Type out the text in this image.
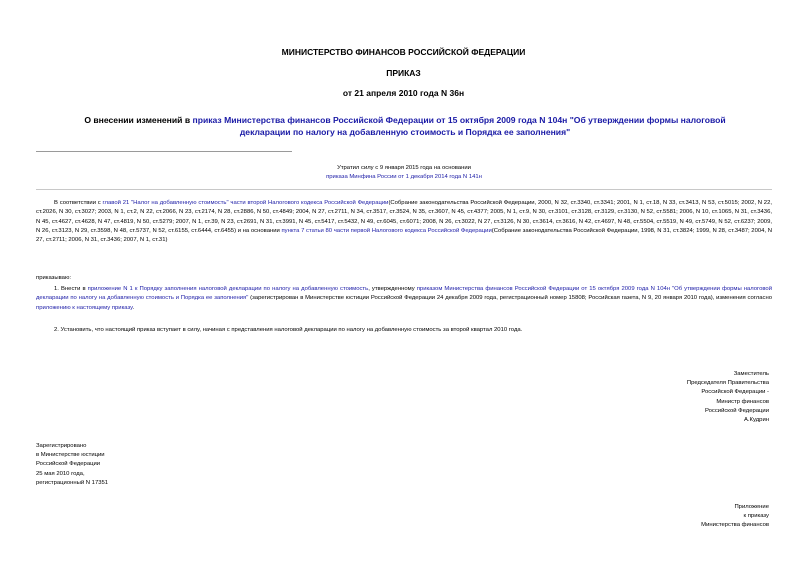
МИНИСТЕРСТВО ФИНАНСОВ РОССИЙСКОЙ ФЕДЕРАЦИИ
ПРИКАЗ
от 21 апреля 2010 года N 36н
О внесении изменений в приказ Министерства финансов Российской Федерации от 15 октября 2009 года N 104н "Об утверждении формы налоговой декларации по налогу на добавленную стоимость и Порядка ее заполнения"
Утратил силу с 9 января 2015 года на основании
приказа Минфина России от 1 декабря 2014 года N 141н
В соответствии с главой 21 "Налог на добавленную стоимость" части второй Налогового кодекса Российской Федерации(Собрание законодательства Российской Федерации, 2000, N 32, ст.3340, ст.3341; 2001, N 1, ст.18, N 33, ст.3413, N 53, ст.5015; 2002, N 22, ст.2026, N 30, ст.3027; 2003, N 1, ст.2, N 22, ст.2066, N 23, ст.2174, N 28, ст.2886, N 50, ст.4849; 2004, N 27, ст.2711, N 34, ст.3517, ст.3524, N 35, ст.3607, N 45, ст.4377; 2005, N 1, ст.9, N 30, ст.3101, ст.3128, ст.3129, ст.3130, N 52, ст.5581; 2006, N 10, ст.1065, N 31, ст.3436, N 45, ст.4627, ст.4628, N 47, ст.4819, N 50, ст.5279; 2007, N 1, ст.39, N 23, ст.2691, N 31, ст.3991, N 45, ст.5417, ст.5432, N 49, ст.6045, ст.6071; 2008, N 26, ст.3022, N 27, ст.3126, N 30, ст.3614, ст.3616, N 42, ст.4697, N 48, ст.5504, ст.5519, N 49, ст.5749, N 52, ст.6237; 2009, N 26, ст.3123, N 29, ст.3598, N 48, ст.5737, N 52, ст.6155, ст.6444, ст.6455) и на основании пункта 7 статьи 80 части первой Налогового кодекса Российской Федерации(Собрание законодательства Российской Федерации, 1998, N 31, ст.3824; 1999, N 28, ст.3487; 2004, N 27, ст.2711; 2006, N 31, ст.3436; 2007, N 1, ст.31)
приказываю:
1. Внести в приложение N 1 к Порядку заполнения налоговой декларации по налогу на добавленную стоимость, утвержденному приказом Министерства финансов Российской Федерации от 15 октября 2009 года N 104н "Об утверждении формы налоговой декларации по налогу на добавленную стоимость и Порядка ее заполнения" (зарегистрирован в Министерстве юстиции Российской Федерации 24 декабря 2009 года, регистрационный номер 15808; Российская газета, N 9, 20 января 2010 года), изменения согласно приложению к настоящему приказу.
2. Установить, что настоящий приказ вступает в силу, начиная с представления налоговой декларации по налогу на добавленную стоимость за второй квартал 2010 года.
Заместитель
Председателя Правительства
Российской Федерации -
Министр финансов
Российской Федерации
А.Кудрин
Зарегистрировано
в Министерстве юстиции
Российской Федерации
25 мая 2010 года,
регистрационный N 17351
Приложение
к приказу
Министерства финансов
